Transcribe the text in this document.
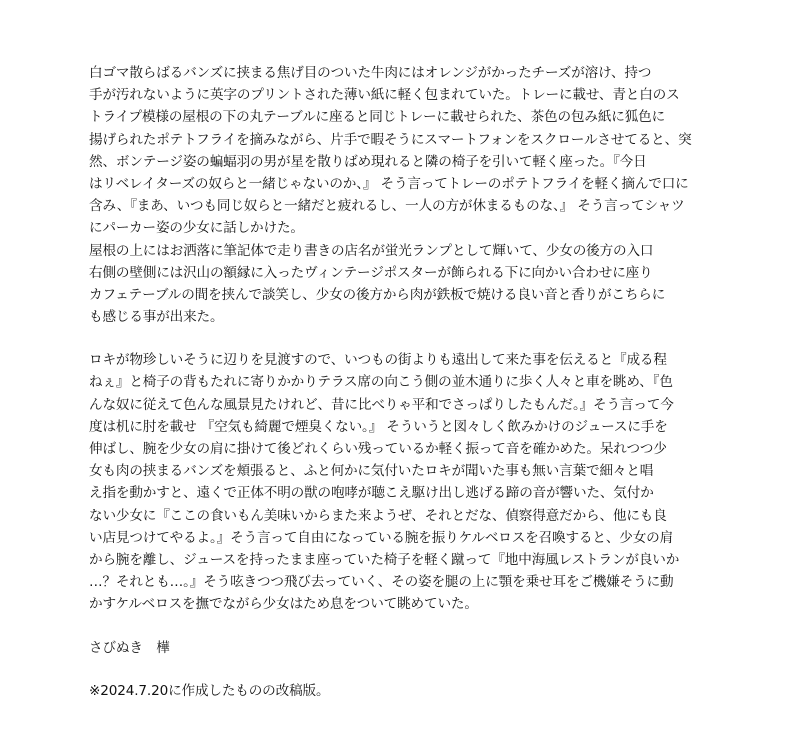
白ゴマ散らばるバンズに挟まる焦げ目のついた牛肉にはオレンジがかったチーズが溶け、持つ
手が汚れないように英字のプリントされた薄い紙に軽く包まれていた。トレーに載せ、青と白のス
トライプ模様の屋根の下の丸テーブルに座ると同じトレーに載せられた、茶色の包み紙に狐色に
揚げられたポテトフライを摘みながら、片手で暇そうにスマートフォンをスクロールさせてると、突
然、ボンテージ姿の蝙蝠羽の男が星を散りばめ現れると隣の椅子を引いて軽く座った。『今日
はリベレイターズの奴らと一緒じゃないのか、』 そう言ってトレーのポテトフライを軽く摘んで口に
含み、『まあ、いつも同じ奴らと一緒だと疲れるし、一人の方が休まるものな、』 そう言ってシャツ
にパーカー姿の少女に話しかけた。
屋根の上にはお洒落に筆記体で走り書きの店名が蛍光ランプとして輝いて、少女の後方の入口
右側の壁側には沢山の額縁に入ったヴィンテージポスターが飾られる下に向かい合わせに座り
カフェテーブルの間を挟んで談笑し、少女の後方から肉が鉄板で焼ける良い音と香りがこちらに
も感じる事が出来た。
ロキが物珍しいそうに辺りを見渡すので、いつもの街よりも遠出して来た事を伝えると『成る程
ねぇ』と椅子の背もたれに寄りかかりテラス席の向こう側の並木通りに歩く人々と車を眺め、『色
んな奴に従えて色んな風景見たけれど、昔に比べりゃ平和でさっぱりしたもんだ。』そう言って今
度は机に肘を載せ 『空気も綺麗で煙臭くない。』 そういうと図々しく飲みかけのジュースに手を
伸ばし、腕を少女の肩に掛けて後どれくらい残っているか軽く振って音を確かめた。呆れつつ少
女も肉の挟まるバンズを頬張ると、ふと何かに気付いたロキが聞いた事も無い言葉で細々と唱
え指を動かすと、遠くで正体不明の獣の咆哮が聴こえ駆け出し逃げる蹄の音が響いた、気付か
ない少女に『ここの食いもん美味いからまた来ようぜ、それとだな、偵察得意だから、他にも良
い店見つけてやるよ。』そう言って自由になっている腕を振りケルベロスを召喚すると、少女の肩
から腕を離し、ジュースを持ったまま座っていた椅子を軽く蹴って『地中海風レストランが良いか
…？それとも…。』そう呟きつつ飛び去っていく、その姿を腿の上に顎を乗せ耳をご機嫌そうに動
かすケルベロスを撫でながら少女はため息をついて眺めていた。
さびぬき　樺
※2024.7.20に作成したものの改稿版。
